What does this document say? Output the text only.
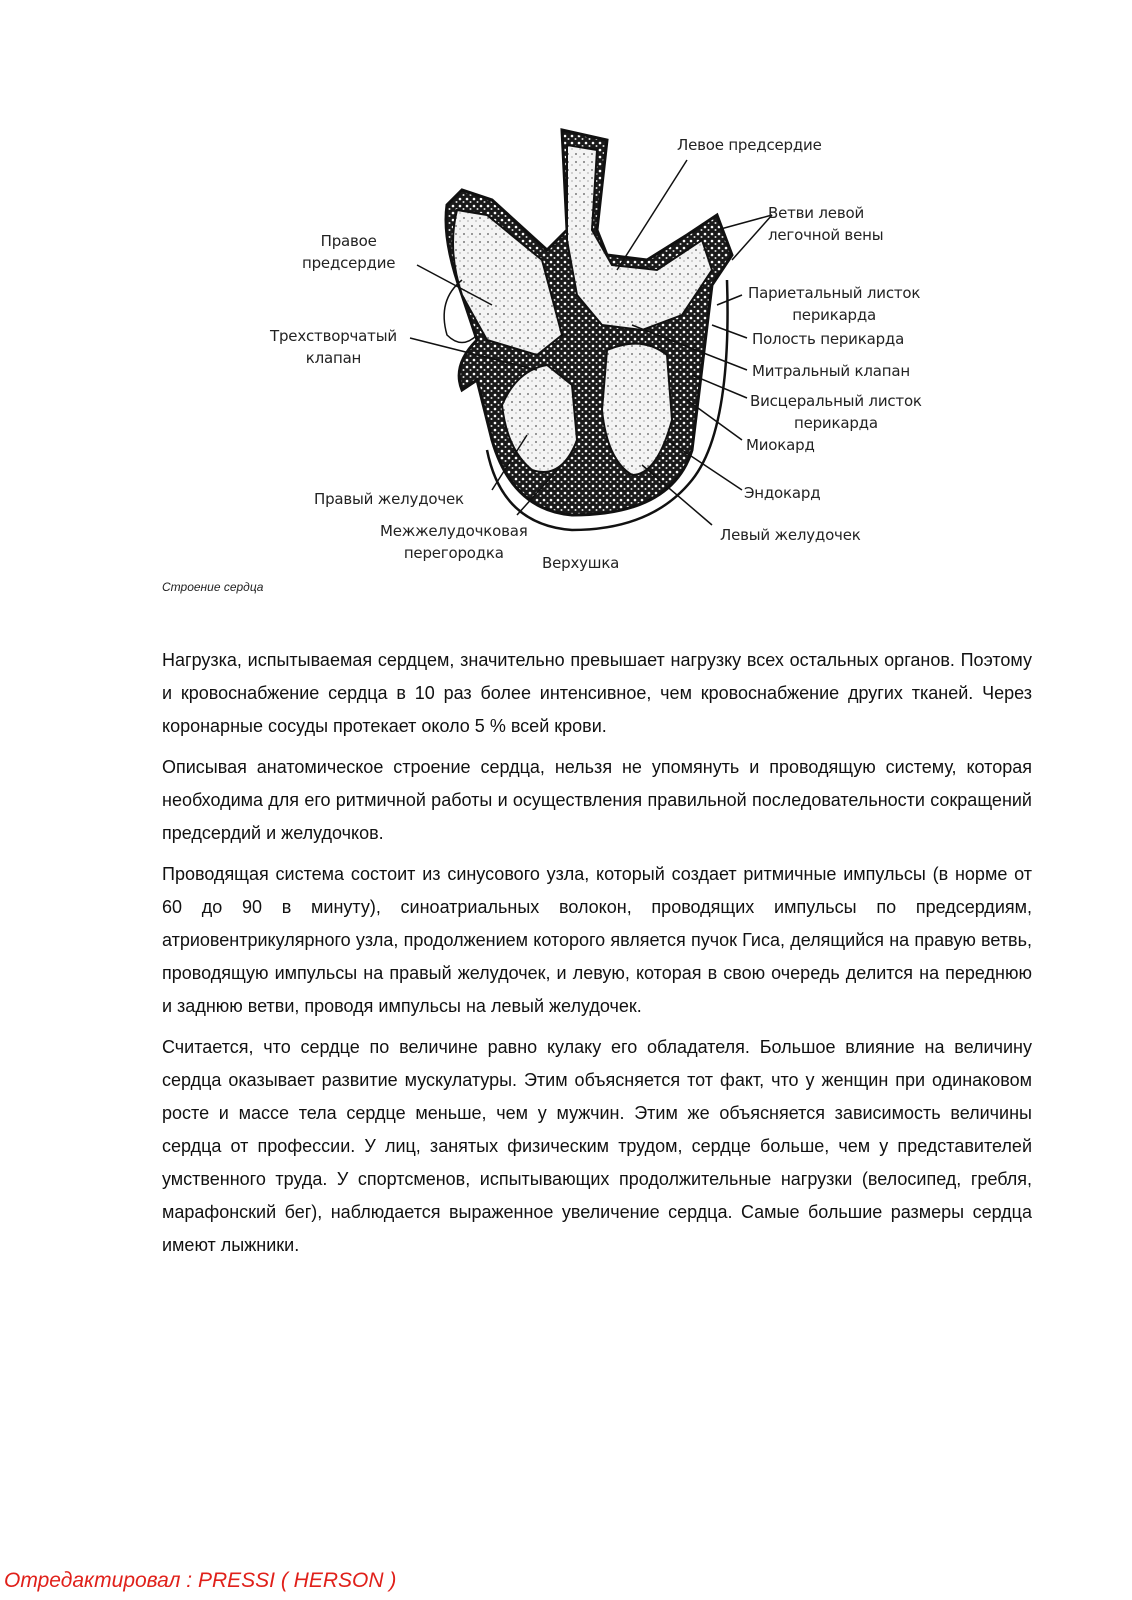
Левое предсердие
Ветви левой
легочной вены
Правое
предсердие
Париетальный листок
перикарда
Полость перикарда
Трехстворчатый
клапан
Митральный клапан
Висцеральный листок
перикарда
Миокард
Эндокард
Правый желудочек
Межжелудочковая
перегородка
Левый желудочек
Верхушка
Строение сердца

Нагрузка, испытываемая сердцем, значительно превышает нагрузку всех остальных органов. Поэтому и кровоснабжение сердца в 10 раз более интенсивное, чем кровоснабжение других тканей. Через коронарные сосуды протекает около 5 % всей крови.

Описывая анатомическое строение сердца, нельзя не упомянуть и проводящую систему, которая необходима для его ритмичной работы и осуществления правильной последовательности сокращений предсердий и желудочков.

Проводящая система состоит из синусового узла, который создает ритмичные импульсы (в норме от 60 до 90 в минуту), синоатриальных волокон, проводящих импульсы по предсердиям, атриовентрикулярного узла, продолжением которого является пучок Гиса, делящийся на правую ветвь, проводящую импульсы на правый желудочек, и левую, которая в свою очередь делится на переднюю и заднюю ветви, проводя импульсы на левый желудочек.

Считается, что сердце по величине равно кулаку его обладателя. Большое влияние на величину сердца оказывает развитие мускулатуры. Этим объясняется тот факт, что у женщин при одинаковом росте и массе тела сердце меньше, чем у мужчин. Этим же объясняется зависимость величины сердца от профессии. У лиц, занятых физическим трудом, сердце больше, чем у представителей умственного труда. У спортсменов, испытывающих продолжительные нагрузки (велосипед, гребля, марафонский бег), наблюдается выраженное увеличение сердца. Самые большие размеры сердца имеют лыжники.

Отредактировал : PRESSI ( HERSON )
